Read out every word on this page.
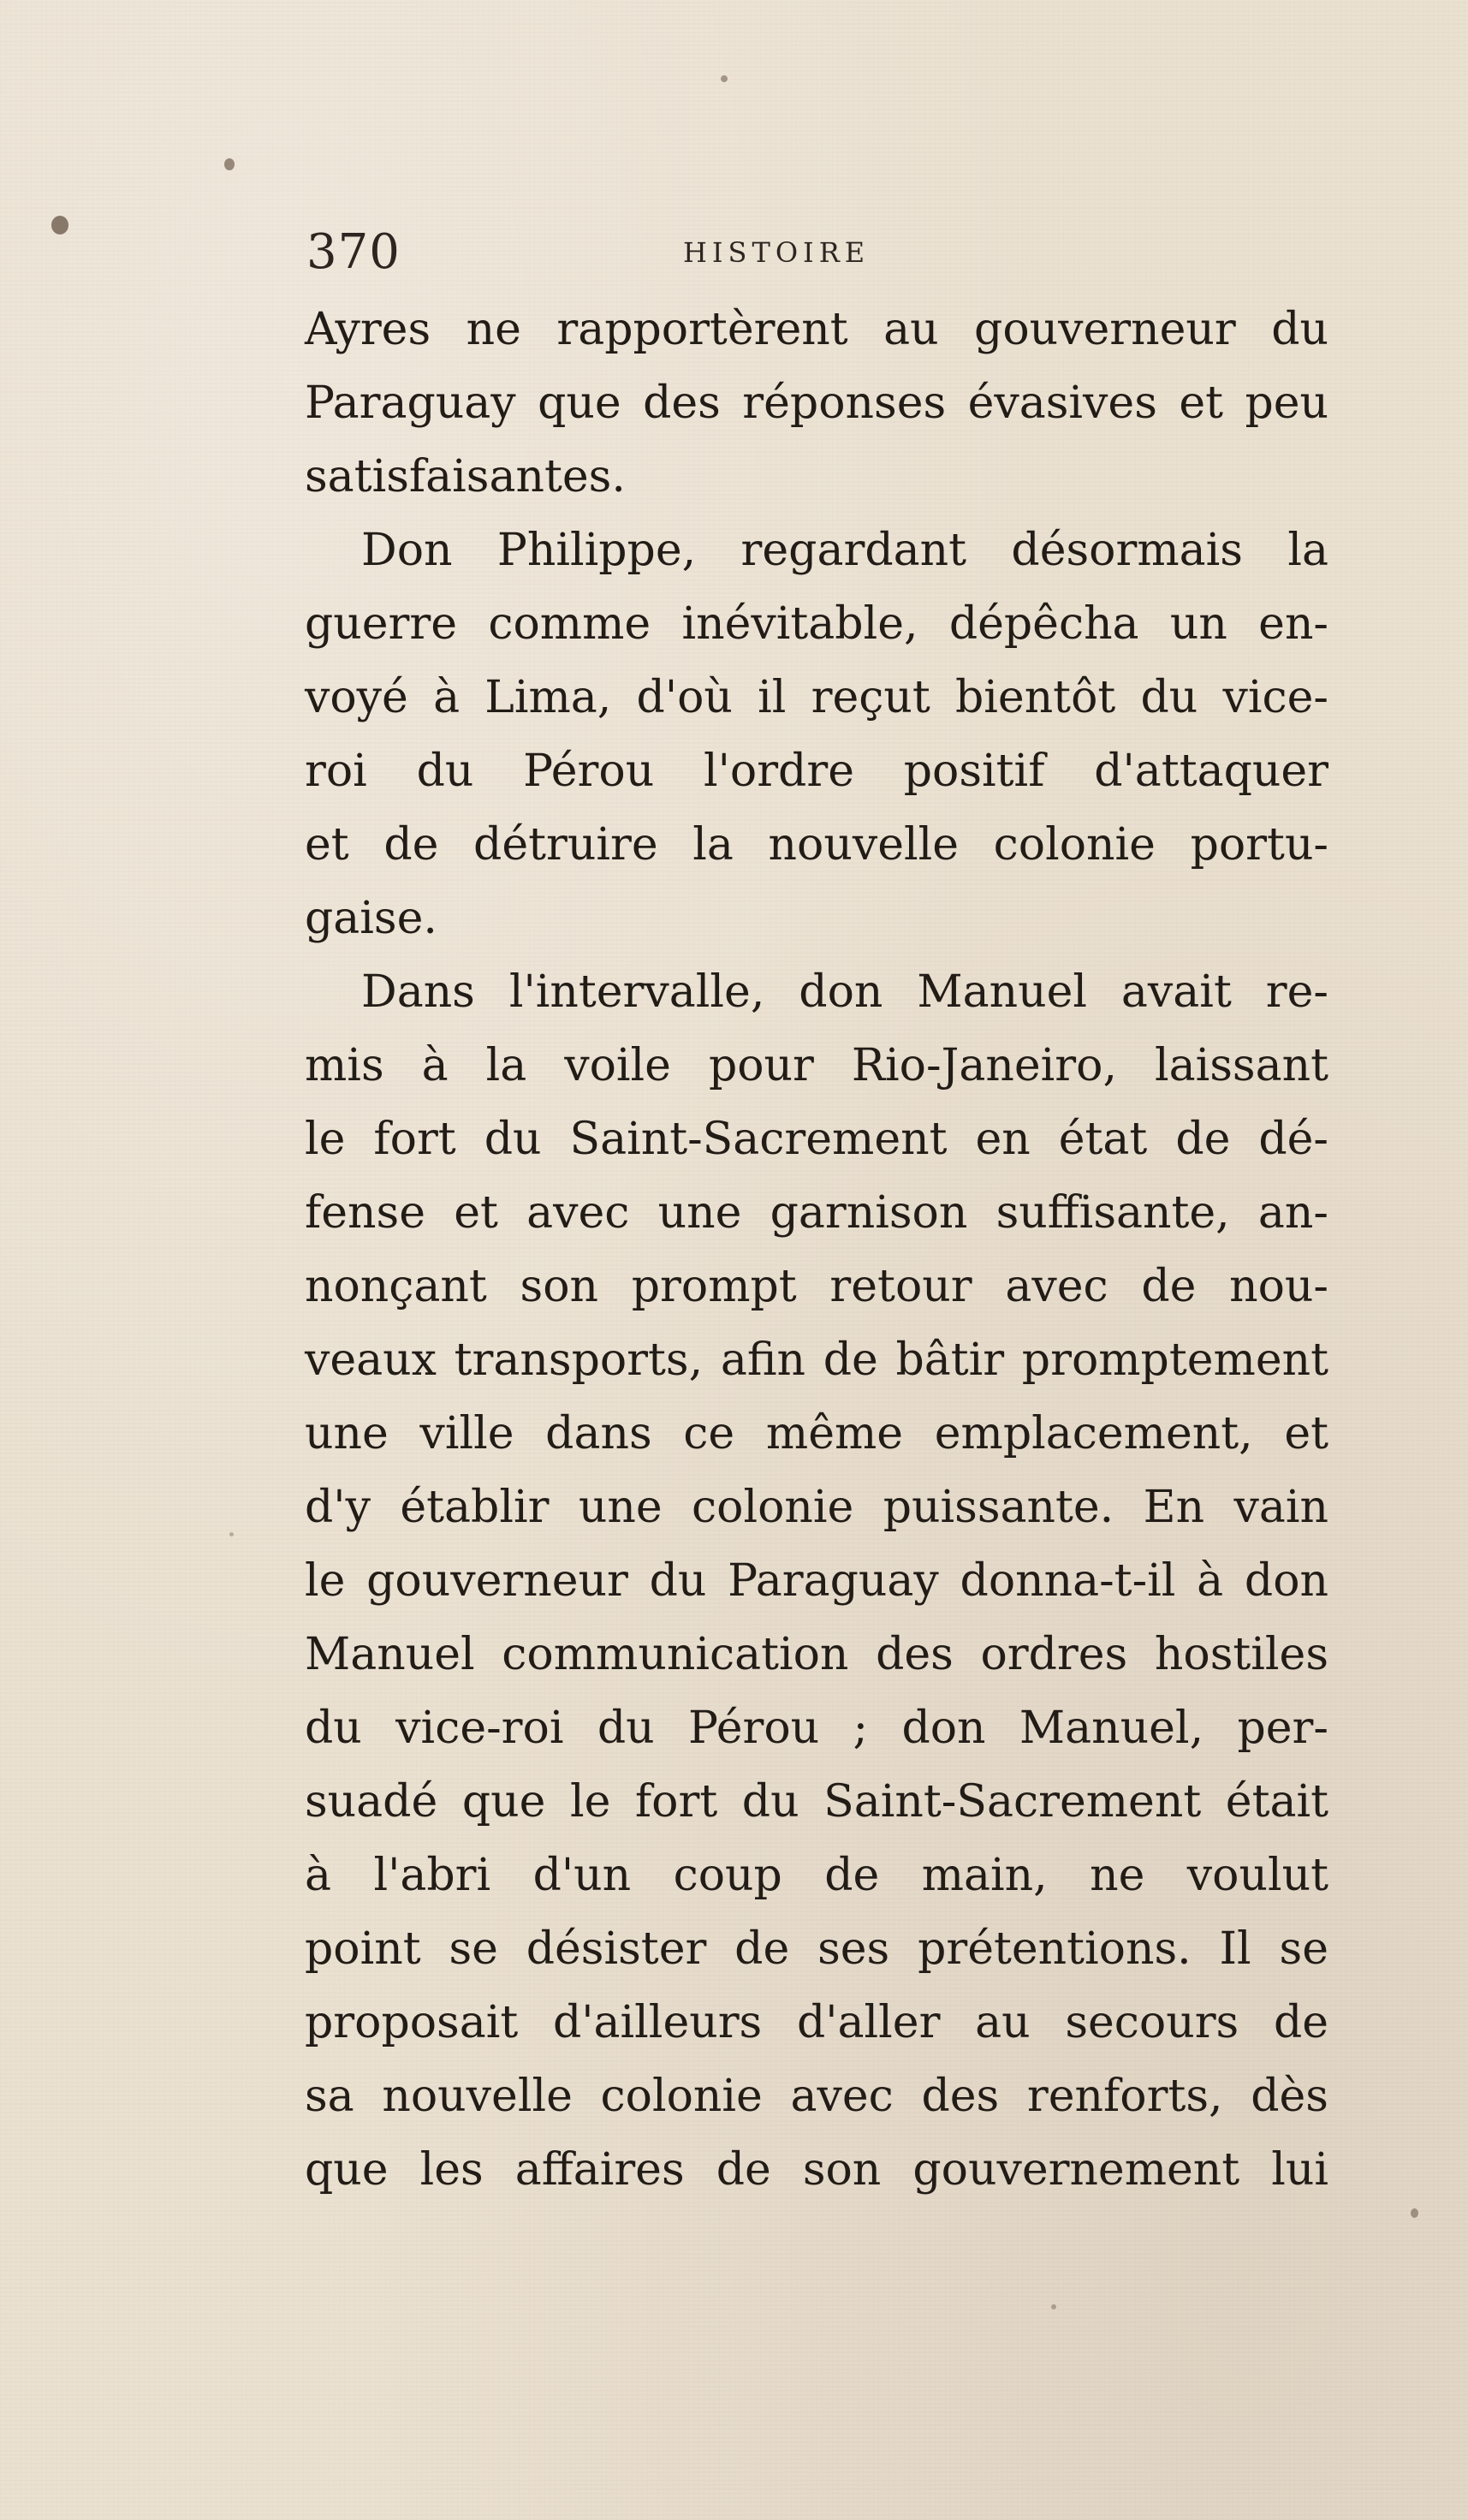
370	HISTOIRE
Ayres ne rapportèrent au gouverneur du
Paraguay que des réponses évasives et peu
satisfaisantes.
Don Philippe, regardant désormais la
guerre comme inévitable, dépêcha un en-
voyé à Lima, d'où il reçut bientôt du vice-
roi du Pérou l'ordre positif d'attaquer
et de détruire la nouvelle colonie portu-
gaise.
Dans l'intervalle, don Manuel avait re-
mis à la voile pour Rio-Janeiro, laissant
le fort du Saint-Sacrement en état de dé-
fense et avec une garnison suffisante, an-
nonçant son prompt retour avec de nou-
veaux transports, afin de bâtir promptement
une ville dans ce même emplacement, et
d'y établir une colonie puissante. En vain
le gouverneur du Paraguay donna-t-il à don
Manuel communication des ordres hostiles
du vice-roi du Pérou ; don Manuel, per-
suadé que le fort du Saint-Sacrement était
à l'abri d'un coup de main, ne voulut
point se désister de ses prétentions. Il se
proposait d'ailleurs d'aller au secours de
sa nouvelle colonie avec des renforts, dès
que les affaires de son gouvernement lui
